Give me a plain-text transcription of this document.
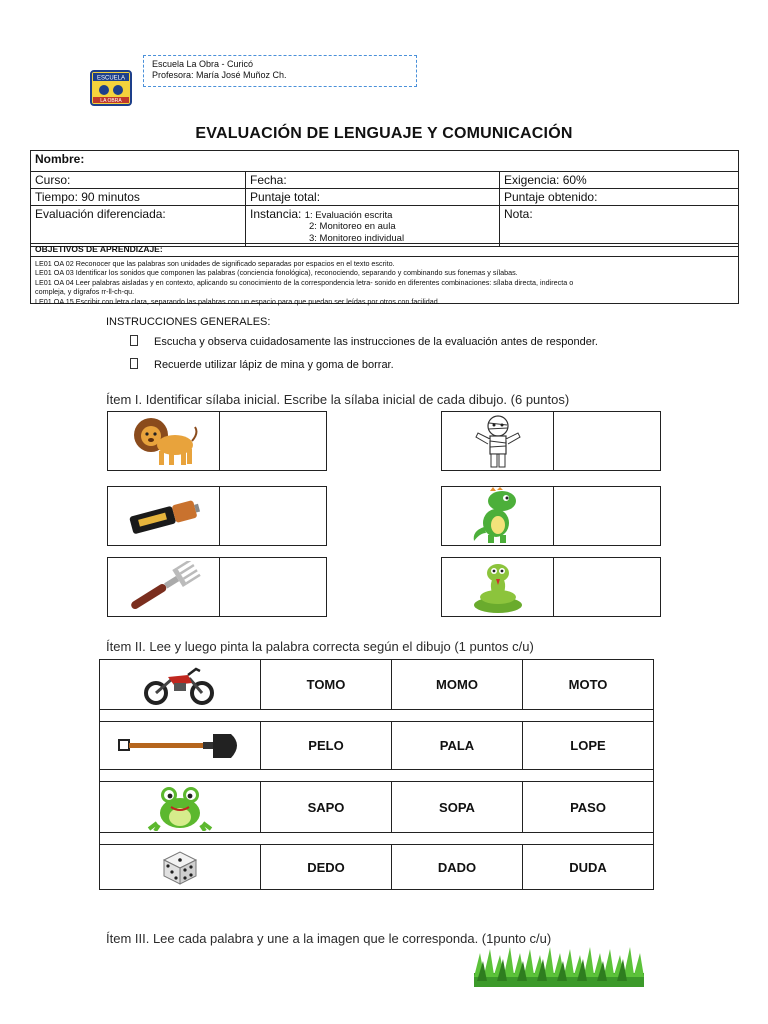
ESCUELA
LA OBRA
Escuela La Obra - Curicó
Profesora: María José Muñoz Ch.
EVALUACIÓN DE LENGUAJE Y COMUNICACIÓN
Nombre:		
Curso:	Fecha:	Exigencia: 60%
Tiempo: 90 minutos	Puntaje total:	Puntaje obtenido:
Evaluación diferenciada:	Instancia: 1: Evaluación escrita
2: Monitoreo en aula
3: Monitoreo individual	Nota:
OBJETIVOS DE APRENDIZAJE:
LE01 OA 02 Reconocer que las palabras son unidades de significado separadas por espacios en el texto escrito.
LE01 OA 03 Identificar los sonidos que componen las palabras (conciencia fonológica), reconociendo, separando y combinando sus fonemas y sílabas.
LE01 OA 04 Leer palabras aisladas y en contexto, aplicando su conocimiento de la correspondencia letra- sonido en diferentes combinaciones: sílaba directa, indirecta o
compleja, y dígrafos rr-ll-ch-qu.
LE01 OA 15 Escribir con letra clara, separando las palabras con un espacio para que puedan ser leídas por otros con facilidad.
INSTRUCCIONES GENERALES:
Escucha y observa cuidadosamente las instrucciones de la evaluación antes de responder.
Recuerde utilizar lápiz de mina y goma de borrar.
Ítem I. Identificar sílaba inicial. Escribe la sílaba inicial de cada dibujo. (6 puntos)
Ítem II. Lee y luego pinta la palabra correcta según el dibujo (1 puntos c/u)
	TOMO	MOMO	MOTO

	PELO	PALA	LOPE

	SAPO	SOPA	PASO

	DEDO	DADO	DUDA
Ítem III. Lee cada palabra y une a la imagen que le corresponda. (1punto c/u)
